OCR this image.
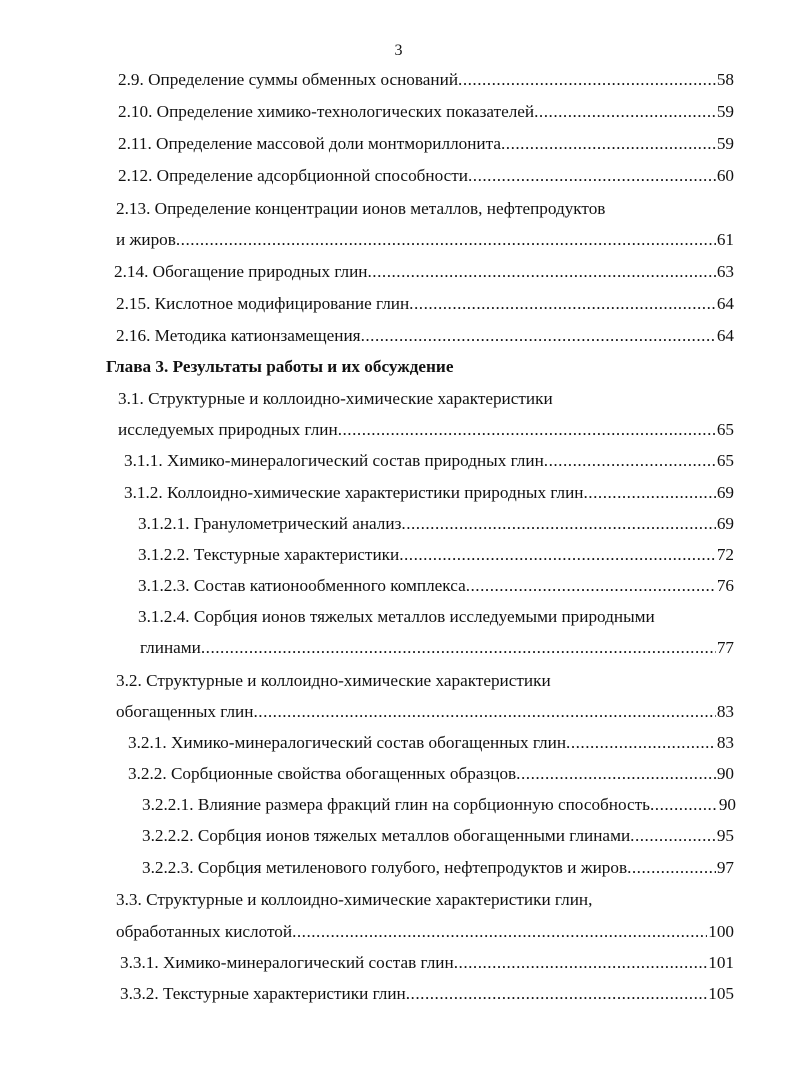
3
2.9. Определение суммы обменных оснований .....	58
2.10. Определение химико-технологических показателей .....	59
2.11. Определение массовой доли монтмориллонита .....	59
2.12. Определение адсорбционной способности .....	60
2.13. Определение концентрации ионов металлов, нефтепродуктов
и жиров .....	61
2.14. Обогащение природных глин .....	63
2.15. Кислотное модифицирование глин .....	64
2.16. Методика катионзамещения .....	64
Глава 3. Результаты работы и их обсуждение
3.1. Структурные и коллоидно-химические характеристики
исследуемых природных глин .....	65
3.1.1. Химико-минералогический состав природных глин .....	65
3.1.2. Коллоидно-химические характеристики природных глин .....	69
3.1.2.1. Гранулометрический анализ .....	69
3.1.2.2. Текстурные характеристики .....	72
3.1.2.3. Состав катионообменного комплекса .....	76
3.1.2.4. Сорбция ионов тяжелых металлов исследуемыми природными
глинами .....	77
3.2. Структурные и коллоидно-химические характеристики
обогащенных глин .....	83
3.2.1. Химико-минералогический состав обогащенных глин .....	83
3.2.2. Сорбционные свойства обогащенных образцов .....	90
3.2.2.1. Влияние размера фракций глин на сорбционную способность .....	90
3.2.2.2. Сорбция ионов тяжелых металлов обогащенными глинами .....	95
3.2.2.3. Сорбция метиленового голубого, нефтепродуктов и жиров .....	97
3.3. Структурные и коллоидно-химические характеристики глин,
обработанных кислотой .....	100
3.3.1. Химико-минералогический состав глин .....	101
3.3.2. Текстурные характеристики глин .....	105
